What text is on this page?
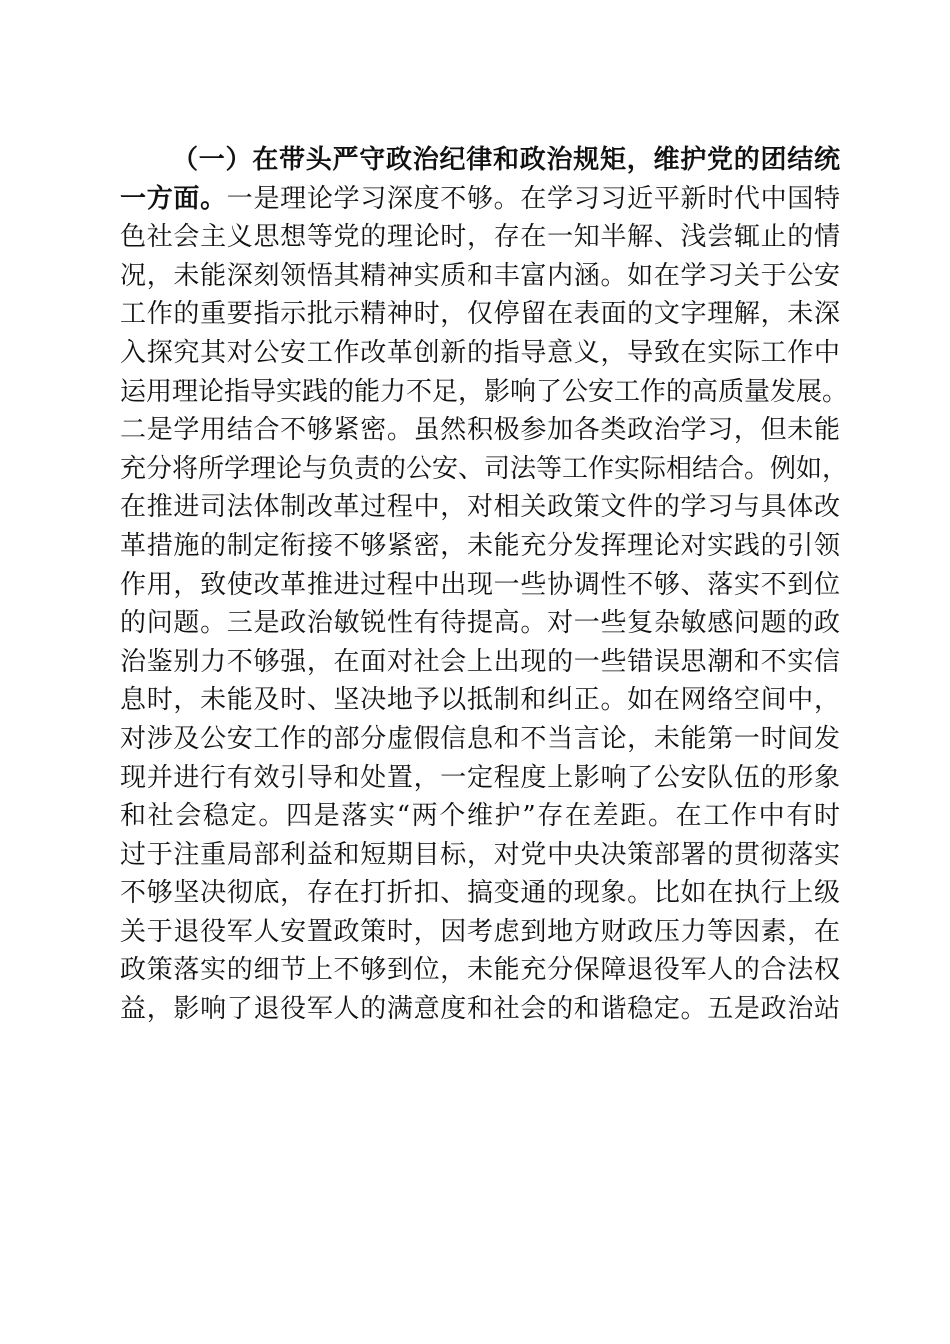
（一）在带头严守政治纪律和政治规矩，维护党的团结统
一方面。一是理论学习深度不够。在学习习近平新时代中国特
色社会主义思想等党的理论时，存在一知半解、浅尝辄止的情
况，未能深刻领悟其精神实质和丰富内涵。如在学习关于公安
工作的重要指示批示精神时，仅停留在表面的文字理解，未深
入探究其对公安工作改革创新的指导意义，导致在实际工作中
运用理论指导实践的能力不足，影响了公安工作的高质量发展。
二是学用结合不够紧密。虽然积极参加各类政治学习，但未能
充分将所学理论与负责的公安、司法等工作实际相结合。例如，
在推进司法体制改革过程中，对相关政策文件的学习与具体改
革措施的制定衔接不够紧密，未能充分发挥理论对实践的引领
作用，致使改革推进过程中出现一些协调性不够、落实不到位
的问题。三是政治敏锐性有待提高。对一些复杂敏感问题的政
治鉴别力不够强，在面对社会上出现的一些错误思潮和不实信
息时，未能及时、坚决地予以抵制和纠正。如在网络空间中，
对涉及公安工作的部分虚假信息和不当言论，未能第一时间发
现并进行有效引导和处置，一定程度上影响了公安队伍的形象
和社会稳定。四是落实“两个维护”存在差距。在工作中有时
过于注重局部利益和短期目标，对党中央决策部署的贯彻落实
不够坚决彻底，存在打折扣、搞变通的现象。比如在执行上级
关于退役军人安置政策时，因考虑到地方财政压力等因素，在
政策落实的细节上不够到位，未能充分保障退役军人的合法权
益，影响了退役军人的满意度和社会的和谐稳定。五是政治站
